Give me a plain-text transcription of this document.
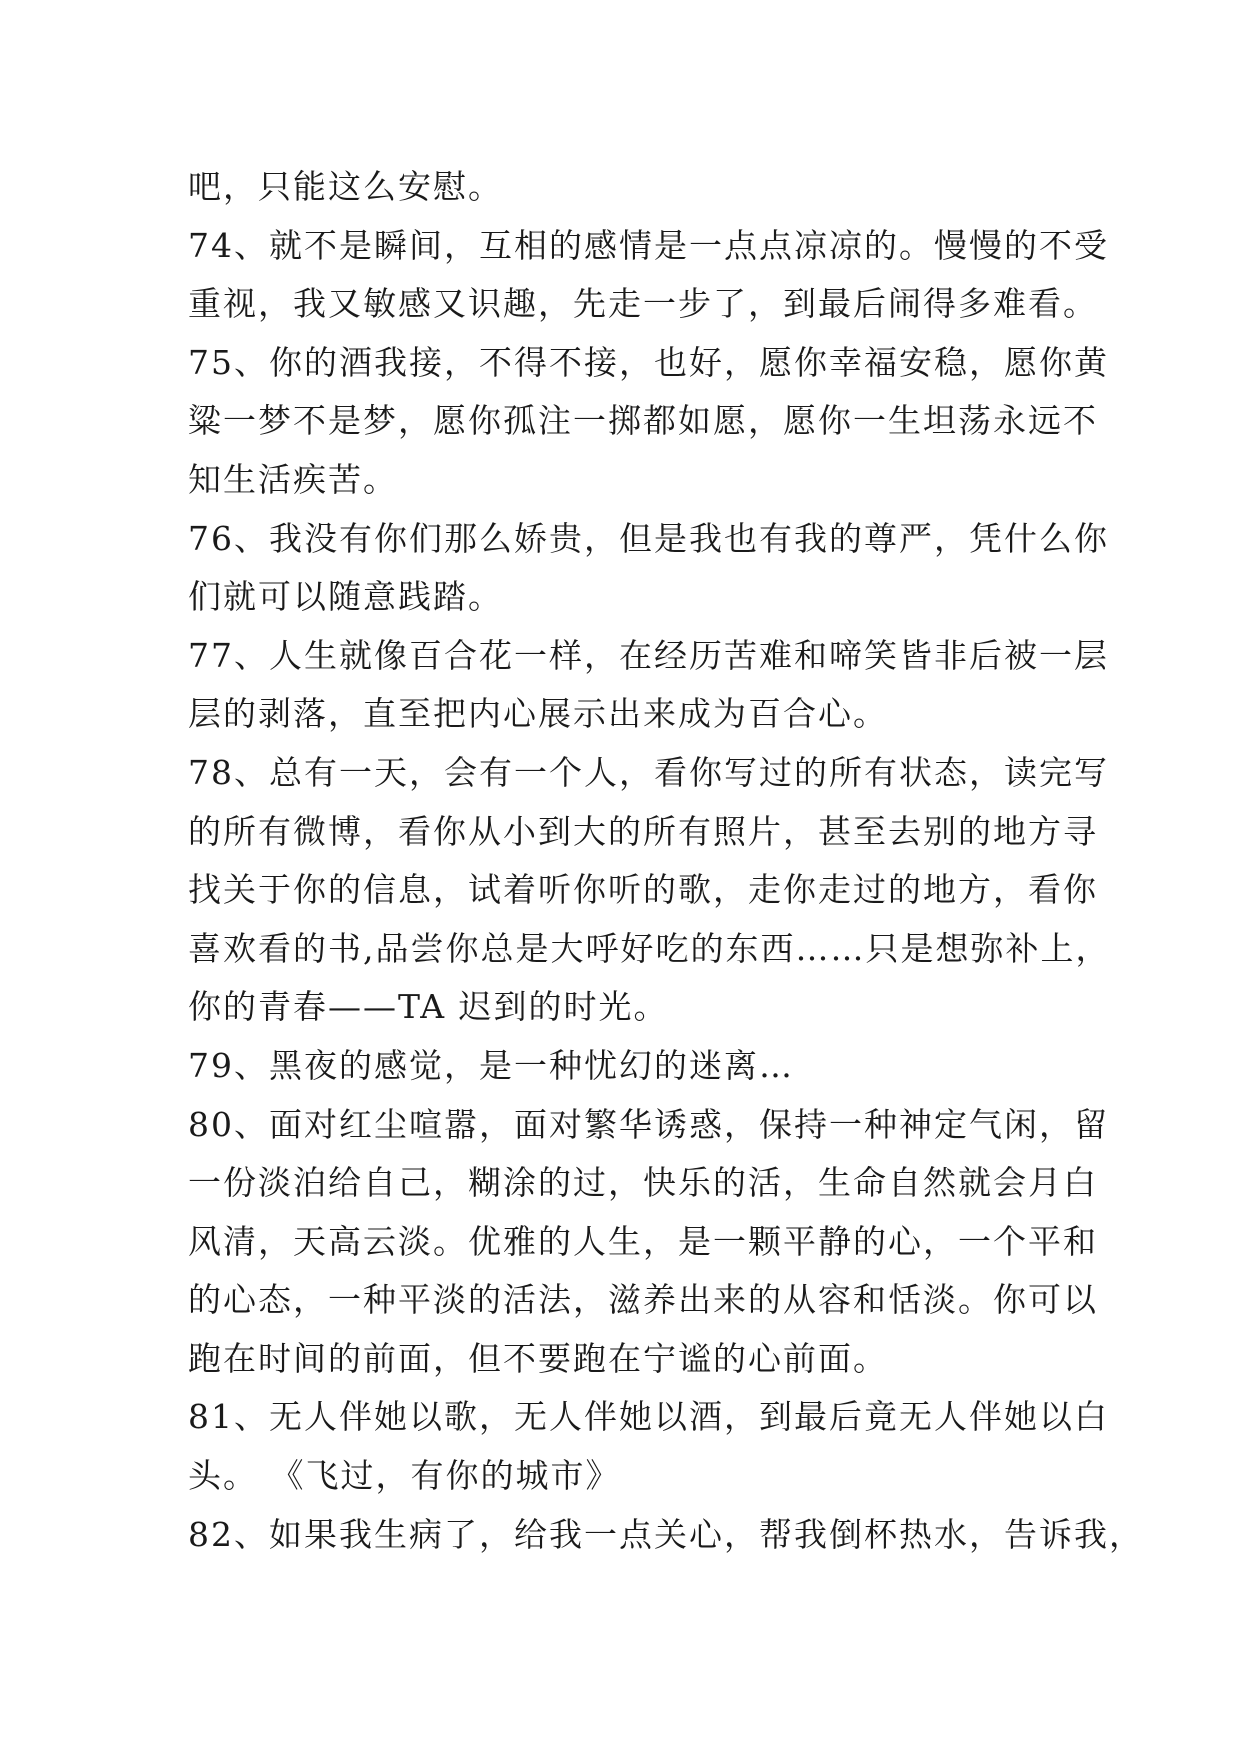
吧，只能这么安慰。
74、就不是瞬间，互相的感情是一点点凉凉的。慢慢的不受
重视，我又敏感又识趣，先走一步了，到最后闹得多难看。
75、你的酒我接，不得不接，也好，愿你幸福安稳，愿你黄
粱一梦不是梦，愿你孤注一掷都如愿，愿你一生坦荡永远不
知生活疾苦。
76、我没有你们那么娇贵，但是我也有我的尊严，凭什么你
们就可以随意践踏。
77、人生就像百合花一样，在经历苦难和啼笑皆非后被一层
层的剥落，直至把内心展示出来成为百合心。
78、总有一天，会有一个人，看你写过的所有状态，读完写
的所有微博，看你从小到大的所有照片，甚至去别的地方寻
找关于你的信息，试着听你听的歌，走你走过的地方，看你
喜欢看的书,品尝你总是大呼好吃的东西……只是想弥补上，
你的青春——TA 迟到的时光。
79、黑夜的感觉，是一种忧幻的迷离…
80、面对红尘喧嚣，面对繁华诱惑，保持一种神定气闲，留
一份淡泊给自己，糊涂的过，快乐的活，生命自然就会月白
风清，天高云淡。优雅的人生，是一颗平静的心，一个平和
的心态，一种平淡的活法，滋养出来的从容和恬淡。你可以
跑在时间的前面，但不要跑在宁谧的心前面。
81、无人伴她以歌，无人伴她以酒，到最后竟无人伴她以白
头。 《飞过，有你的城市》
82、如果我生病了，给我一点关心，帮我倒杯热水，告诉我，
